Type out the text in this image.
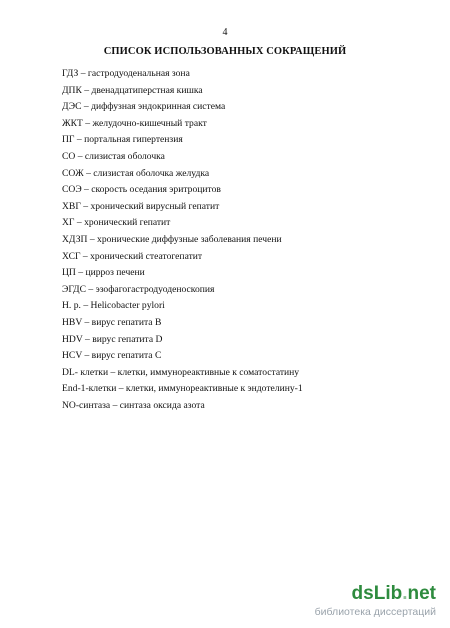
4
СПИСОК ИСПОЛЬЗОВАННЫХ СОКРАЩЕНИЙ
ГДЗ – гастродуоденальная зона
ДПК – двенадцатиперстная кишка
ДЭС – диффузная эндокринная система
ЖКТ – желудочно-кишечный тракт
ПГ – портальная гипертензия
СО – слизистая оболочка
СОЖ – слизистая оболочка желудка
СОЭ – скорость оседания эритроцитов
ХВГ – хронический вирусный гепатит
ХГ – хронический гепатит
ХДЗП – хронические диффузные заболевания печени
ХСГ – хронический стеатогепатит
ЦП – цирроз печени
ЭГДС – эзофагогастродуоденоскопия
H. p. – Helicobacter pylori
HBV – вирус гепатита B
HDV – вирус гепатита D
HCV – вирус гепатита С
DL- клетки – клетки, иммунореактивные к соматостатину
End-1-клетки – клетки, иммунореактивные к эндотелину-1
NO-синтаза – синтаза оксида азота
dsLib.net
библиотека диссертаций
